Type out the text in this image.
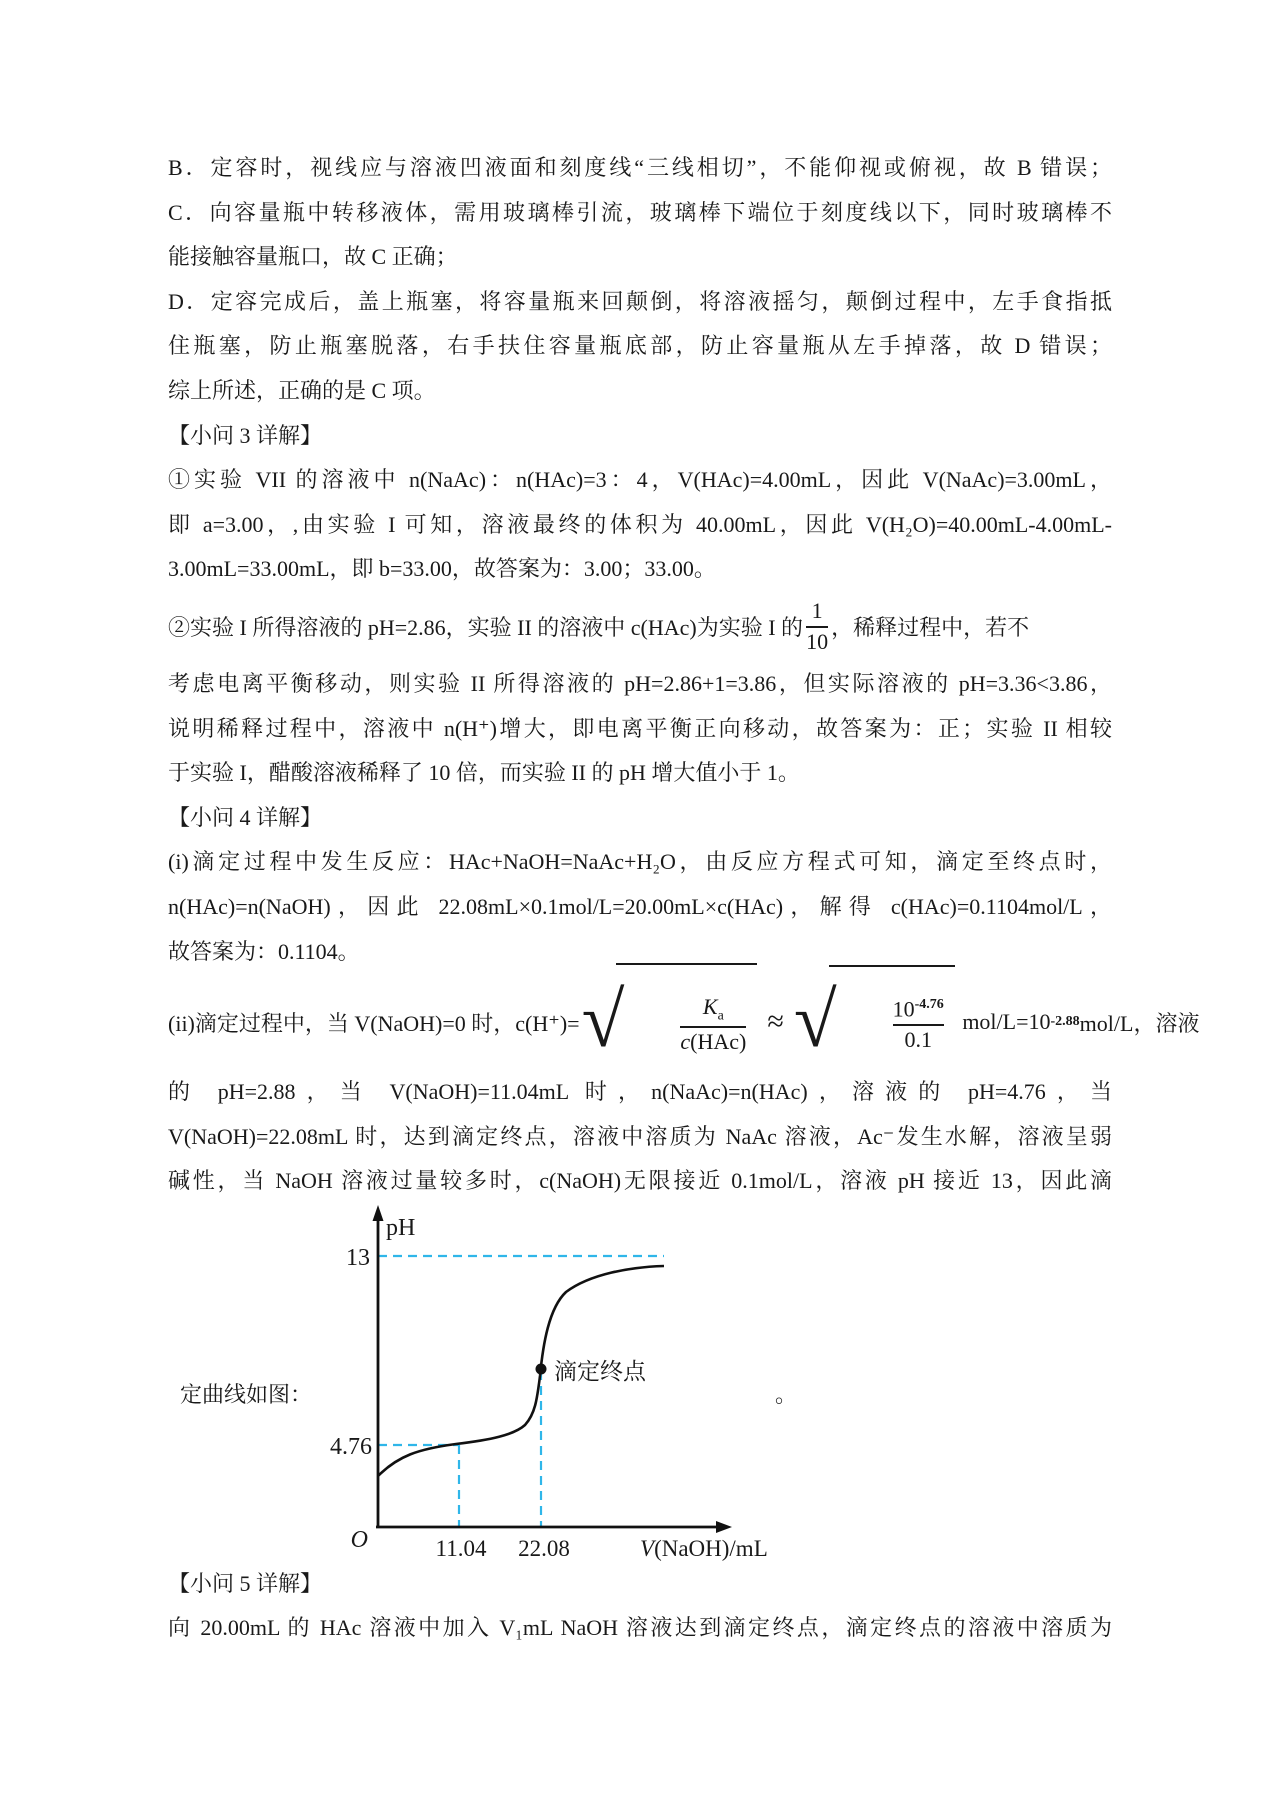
B．定容时，视线应与溶液凹液面和刻度线“三线相切”，不能仰视或俯视，故 B 错误；
C．向容量瓶中转移液体，需用玻璃棒引流，玻璃棒下端位于刻度线以下，同时玻璃棒不
能接触容量瓶口，故 C 正确；
D．定容完成后，盖上瓶塞，将容量瓶来回颠倒，将溶液摇匀，颠倒过程中，左手食指抵
住瓶塞，防止瓶塞脱落，右手扶住容量瓶底部，防止容量瓶从左手掉落，故 D 错误；
综上所述，正确的是 C 项。
【小问 3 详解】
①实验 VII 的溶液中 n(NaAc)：n(HAc)=3：4，V(HAc)=4.00mL，因此 V(NaAc)=3.00mL，
即 a=3.00，,由实验 I 可知，溶液最终的体积为 40.00mL，因此 V(H₂O)=40.00mL-4.00mL-
3.00mL=33.00mL，即 b=33.00，故答案为：3.00；33.00。
②实验 I 所得溶液的 pH=2.86，实验 II 的溶液中 c(HAc)为实验 I 的 $\frac{1}{10}$ ，稀释过程中，若不
考虑电离平衡移动，则实验 II 所得溶液的 pH=2.86+1=3.86，但实际溶液的 pH=3.36<3.86，
说明稀释过程中，溶液中 n(H⁺)增大，即电离平衡正向移动，故答案为：正；实验 II 相较
于实验 I，醋酸溶液稀释了 10 倍，而实验 II 的 pH 增大值小于 1。
【小问 4 详解】
(i)滴定过程中发生反应：HAc+NaOH=NaAc+H₂O，由反应方程式可知，滴定至终点时，
n(HAc)=n(NaOH)，因此 22.08mL×0.1mol/L=20.00mL×c(HAc)，解得 c(HAc)=0.1104mol/L，
故答案为：0.1104。
(ii)滴定过程中，当 V(NaOH)=0 时，c(H⁺)= √

	$\frac{K_a}{\text{c(HAc)}}$

≈ √

	$\frac{10^{-4.76}}{0.1}$

mol/L=10 -2.88 mol/L，溶液
的 pH=2.88，当 V(NaOH)=11.04mL 时，n(NaAc)=n(HAc)，溶液的 pH=4.76，当
V(NaOH)=22.08mL 时，达到滴定终点，溶液中溶质为 NaAc 溶液，Ac⁻发生水解，溶液呈弱
碱性，当 NaOH 溶液过量较多时，c(NaOH)无限接近 0.1mol/L，溶液 pH 接近 13，因此滴
定曲线如图：
滴定终点
pH
13
4.76
O	11.04 22.08	V(NaOH)/mL
。
【小问 5 详解】
向 20.00mL 的 HAc 溶液中加入 V₁mL NaOH 溶液达到滴定终点，滴定终点的溶液中溶质为
